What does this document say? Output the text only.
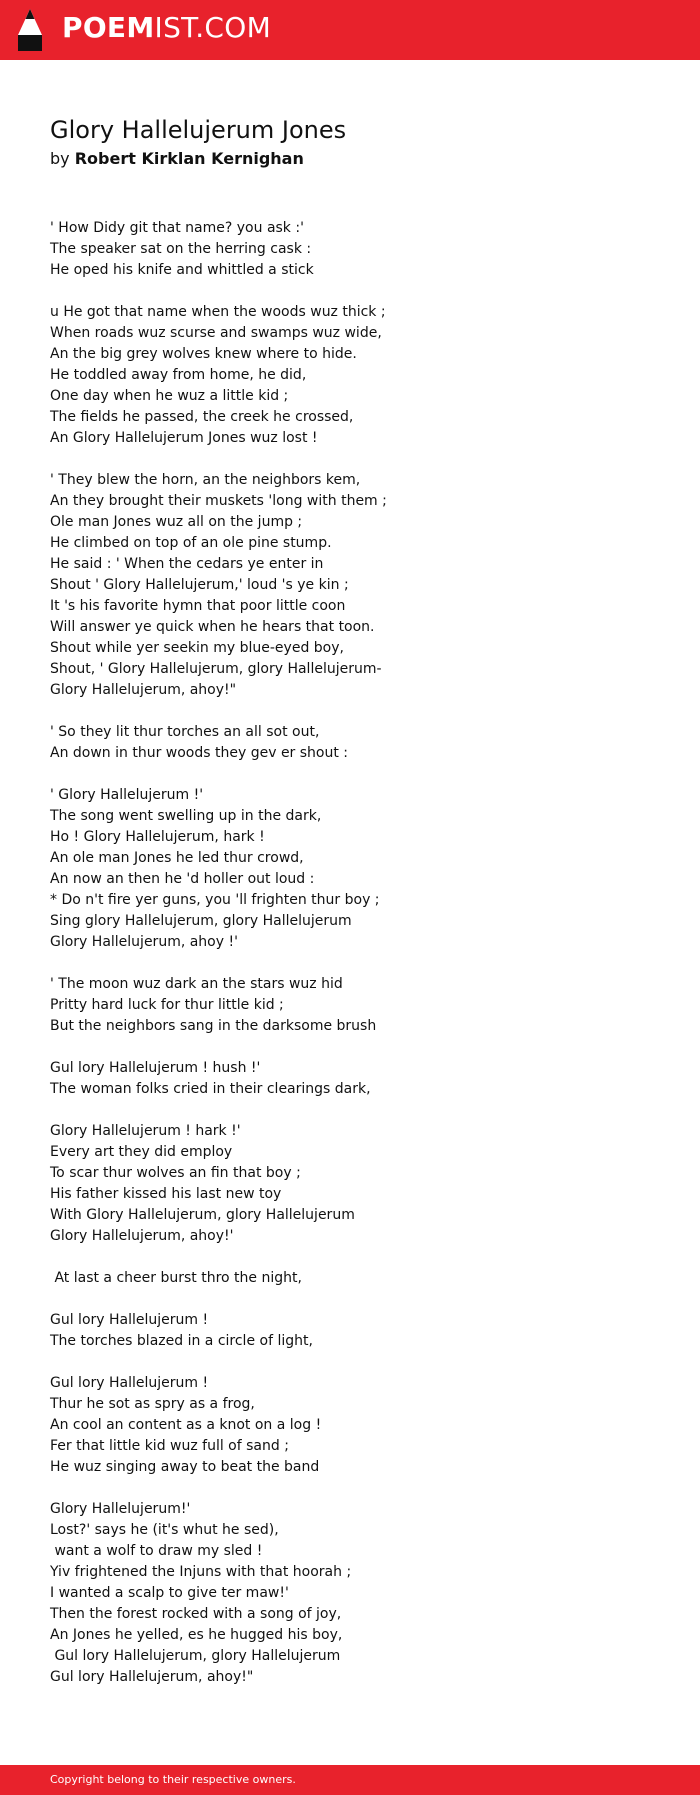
POEMIST.COM
Glory Hallelujerum Jones
by Robert Kirklan Kernighan
' How Didy git that name? you ask :'
The speaker sat on the herring cask :
He oped his knife and whittled a stick
u He got that name when the woods wuz thick ;
When roads wuz scurse and swamps wuz wide,
An the big grey wolves knew where to hide.
He toddled away from home, he did,
One day when he wuz a little kid ;
The fields he passed, the creek he crossed,
An Glory Hallelujerum Jones wuz lost !
' They blew the horn, an the neighbors kem,
An they brought their muskets 'long with them ;
Ole man Jones wuz all on the jump ;
He climbed on top of an ole pine stump.
He said : ' When the cedars ye enter in
Shout ' Glory Hallelujerum,' loud 's ye kin ;
It 's his favorite hymn that poor little coon
Will answer ye quick when he hears that toon.
Shout while yer seekin my blue-eyed boy,
Shout, ' Glory Hallelujerum, glory Hallelujerum-
Glory Hallelujerum, ahoy!"
' So they lit thur torches an all sot out,
An down in thur woods they gev er shout :
' Glory Hallelujerum !'
The song went swelling up in the dark,
Ho ! Glory Hallelujerum, hark !
An ole man Jones he led thur crowd,
An now an then he 'd holler out loud :
* Do n't fire yer guns, you 'll frighten thur boy ;
Sing glory Hallelujerum, glory Hallelujerum
Glory Hallelujerum, ahoy !'
' The moon wuz dark an the stars wuz hid
Pritty hard luck for thur little kid ;
But the neighbors sang in the darksome brush
Gul lory Hallelujerum ! hush !'
The woman folks cried in their clearings dark,
Glory Hallelujerum ! hark !'
Every art they did employ
To scar thur wolves an fin that boy ;
His father kissed his last new toy
With Glory Hallelujerum, glory Hallelujerum
Glory Hallelujerum, ahoy!'
At last a cheer burst thro the night,
Gul lory Hallelujerum !
The torches blazed in a circle of light,
Gul lory Hallelujerum !
Thur he sot as spry as a frog,
An cool an content as a knot on a log !
Fer that little kid wuz full of sand ;
He wuz singing away to beat the band
Glory Hallelujerum!'
Lost?' says he (it's whut he sed),
want a wolf to draw my sled !
Yiv frightened the Injuns with that hoorah ;
I wanted a scalp to give ter maw!'
Then the forest rocked with a song of joy,
An Jones he yelled, es he hugged his boy,
Gul lory Hallelujerum, glory Hallelujerum
Gul lory Hallelujerum, ahoy!"
Copyright belong to their respective owners.
